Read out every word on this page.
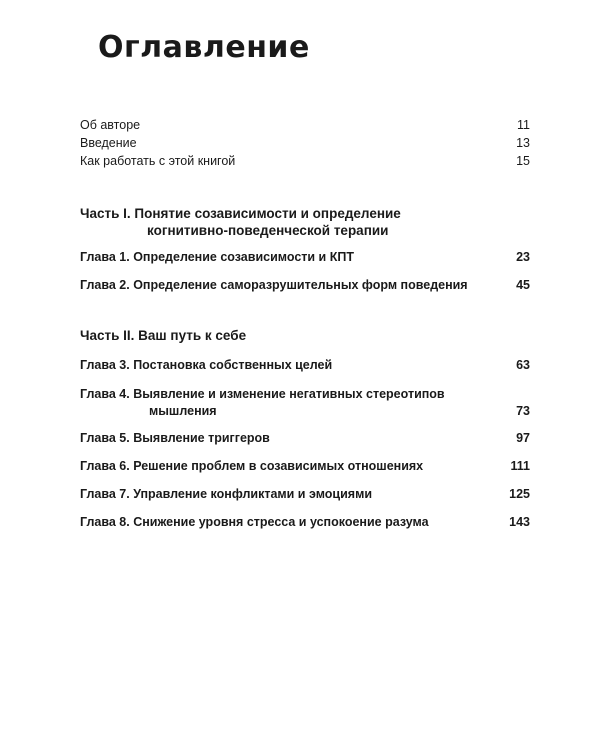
Оглавление
Об авторе	11
Введение	13
Как работать с этой книгой	15
Часть I. Понятие созависимости и определение
когнитивно-поведенческой терапии
Глава 1. Определение созависимости и КПТ	23
Глава 2. Определение саморазрушительных форм поведения	45
Часть II. Ваш путь к себе
Глава 3. Постановка собственных целей	63
Глава 4. Выявление и изменение негативных стереотипов
мышления	73
Глава 5. Выявление триггеров	97
Глава 6. Решение проблем в созависимых отношениях	111
Глава 7. Управление конфликтами и эмоциями	125
Глава 8. Снижение уровня стресса и успокоение разума	143
